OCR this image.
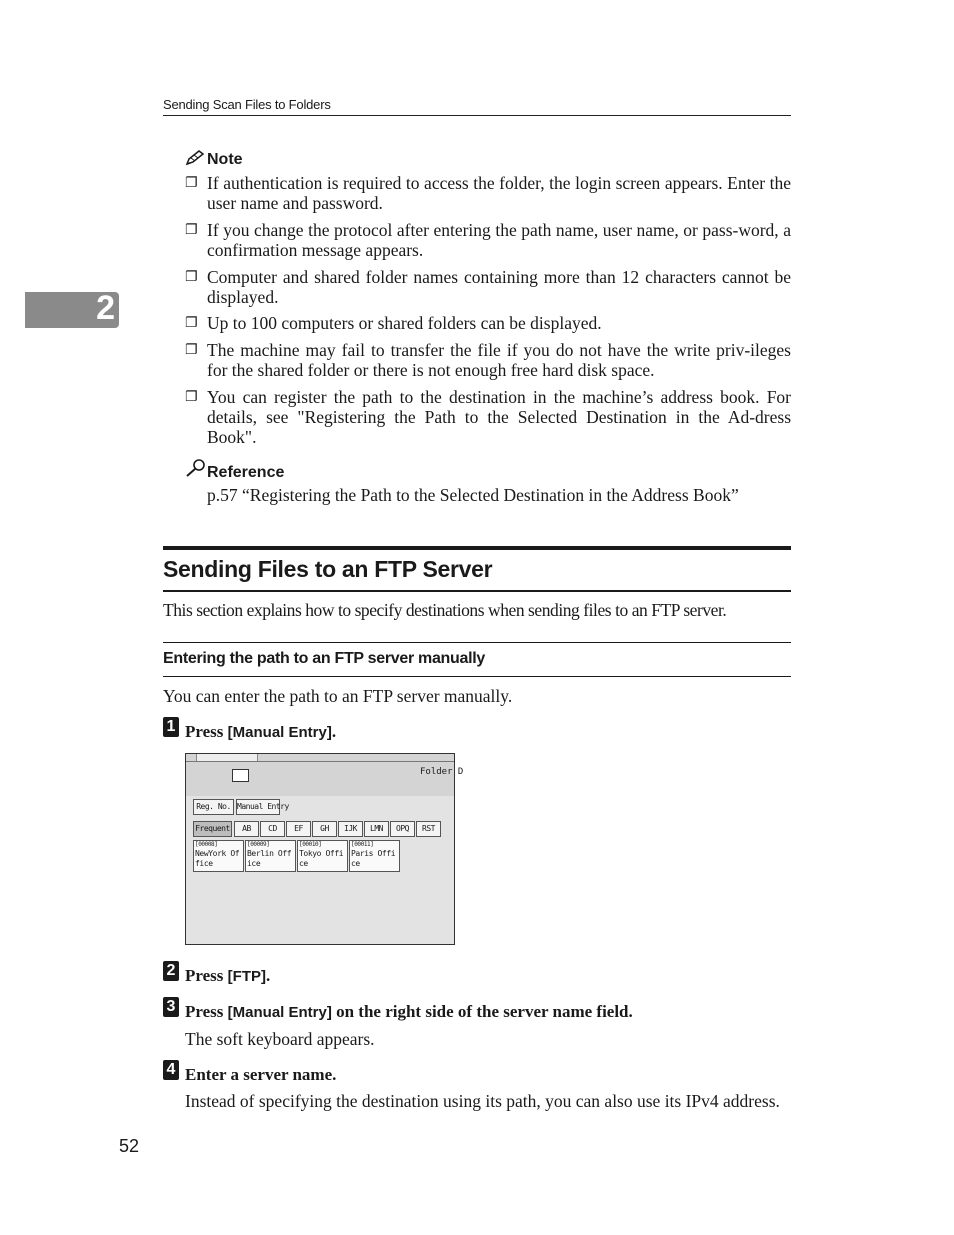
Sending Scan Files to Folders
2
Note
❐ If authentication is required to access the folder, the login screen appears. Enter the user name and password.
❐ If you change the protocol after entering the path name, user name, or pass-word, a confirmation message appears.
❐ Computer and shared folder names containing more than 12 characters cannot be displayed.
❐ Up to 100 computers or shared folders can be displayed.
❐ The machine may fail to transfer the file if you do not have the write priv-ileges for the shared folder or there is not enough free hard disk space.
❐ You can register the path to the destination in the machine’s address book. For details, see "Registering the Path to the Selected Destination in the Ad-dress Book".
Reference
p.57 “Registering the Path to the Selected Destination in the Address Book”
Sending Files to an FTP Server
This section explains how to specify destinations when sending files to an FTP server.
Entering the path to an FTP server manually
You can enter the path to an FTP server manually.
1 Press [Manual Entry].
Folder D
Reg. No. Manual Entry
Frequent	AB	CD	EF	GH	IJK	LMN	OPQ	RST
[00008]
NewYork Office
[00009]
Berlin Office
[00010]
Tokyo Office
[00011]
Paris Office
2 Press [FTP].
3 Press [Manual Entry] on the right side of the server name field.
The soft keyboard appears.
4 Enter a server name.
Instead of specifying the destination using its path, you can also use its IPv4 address.
52
